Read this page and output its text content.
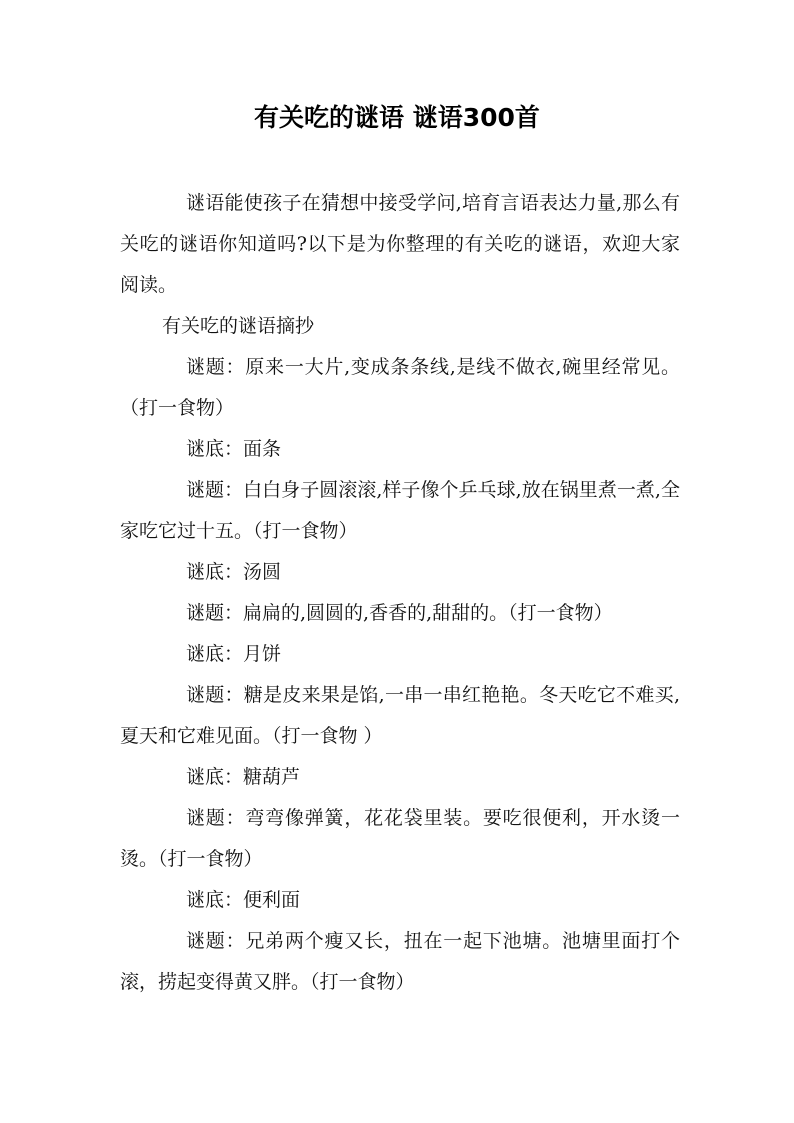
有关吃的谜语 谜语300首

谜语能使孩子在猜想中接受学问,培育言语表达力量,那么有关吃的谜语你知道吗?以下是为你整理的有关吃的谜语，欢迎大家阅读。

有关吃的谜语摘抄

谜题：原来一大片,变成条条线,是线不做衣,碗里经常见。（打一食物）

谜底：面条

谜题：白白身子圆滚滚,样子像个乒乓球,放在锅里煮一煮,全家吃它过十五。（打一食物）

谜底：汤圆

谜题：扁扁的,圆圆的,香香的,甜甜的。（打一食物）

谜底：月饼

谜题：糖是皮来果是馅,一串一串红艳艳。冬天吃它不难买,夏天和它难见面。（打一食物 ）

谜底：糖葫芦

谜题：弯弯像弹簧，花花袋里装。要吃很便利，开水烫一烫。（打一食物）

谜底：便利面

谜题：兄弟两个瘦又长，扭在一起下池塘。池塘里面打个滚，捞起变得黄又胖。（打一食物）
